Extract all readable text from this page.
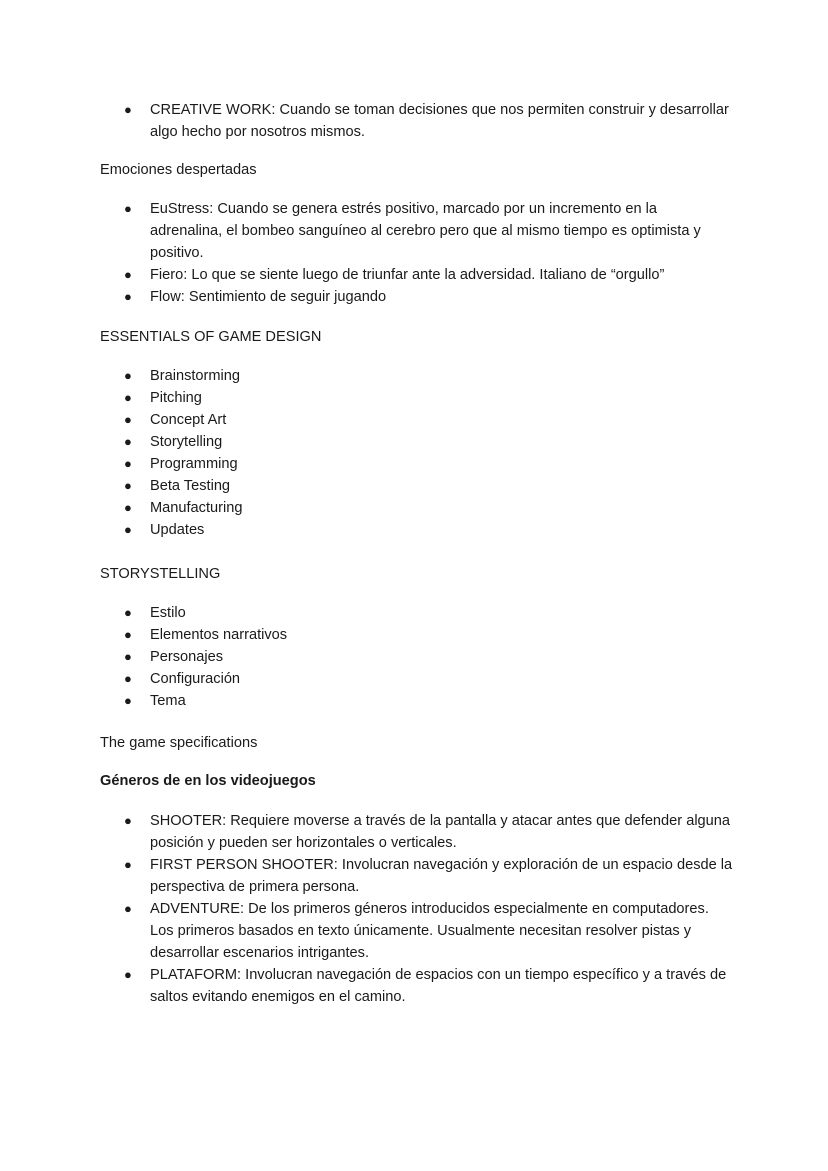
● CREATIVE WORK: Cuando se toman decisiones que nos permiten construir y desarrollar algo hecho por nosotros mismos.

Emociones despertadas

● EuStress: Cuando se genera estrés positivo, marcado por un incremento en la adrenalina, el bombeo sanguíneo al cerebro pero que al mismo tiempo es optimista y positivo.
● Fiero: Lo que se siente luego de triunfar ante la adversidad. Italiano de “orgullo”
● Flow: Sentimiento de seguir jugando

ESSENTIALS OF GAME DESIGN

● Brainstorming
● Pitching
● Concept Art
● Storytelling
● Programming
● Beta Testing
● Manufacturing
● Updates

STORYSTELLING

● Estilo
● Elementos narrativos
● Personajes
● Configuración
● Tema

The game specifications

Géneros de en los videojuegos

● SHOOTER: Requiere moverse a través de la pantalla y atacar antes que defender alguna posición y pueden ser horizontales o verticales.
● FIRST PERSON SHOOTER: Involucran navegación y exploración de un espacio desde la perspectiva de primera persona.
● ADVENTURE: De los primeros géneros introducidos especialmente en computadores. Los primeros basados en texto únicamente. Usualmente necesitan resolver pistas y desarrollar escenarios intrigantes.
● PLATAFORM: Involucran navegación de espacios con un tiempo específico y a través de saltos evitando enemigos en el camino.
